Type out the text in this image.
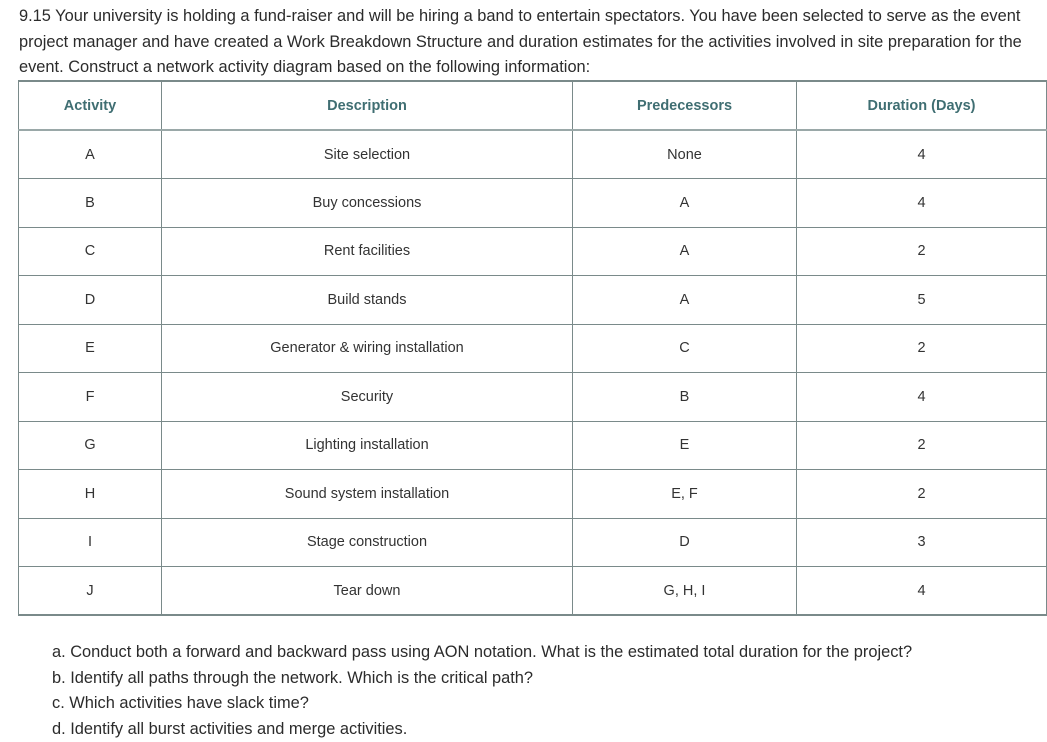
9.15 Your university is holding a fund-raiser and will be hiring a band to entertain spectators. You have been selected to serve as the event project manager and have created a Work Breakdown Structure and duration estimates for the activities involved in site preparation for the event. Construct a network activity diagram based on the following information:

Activity	Description	Predecessors	Duration (Days)
A	Site selection	None	4
B	Buy concessions	A	4
C	Rent facilities	A	2
D	Build stands	A	5
E	Generator & wiring installation	C	2
F	Security	B	4
G	Lighting installation	E	2
H	Sound system installation	E, F	2
I	Stage construction	D	3
J	Tear down	G, H, I	4
a. Conduct both a forward and backward pass using AON notation. What is the estimated total duration for the project?
b. Identify all paths through the network. Which is the critical path?
c. Which activities have slack time?
d. Identify all burst activities and merge activities.
